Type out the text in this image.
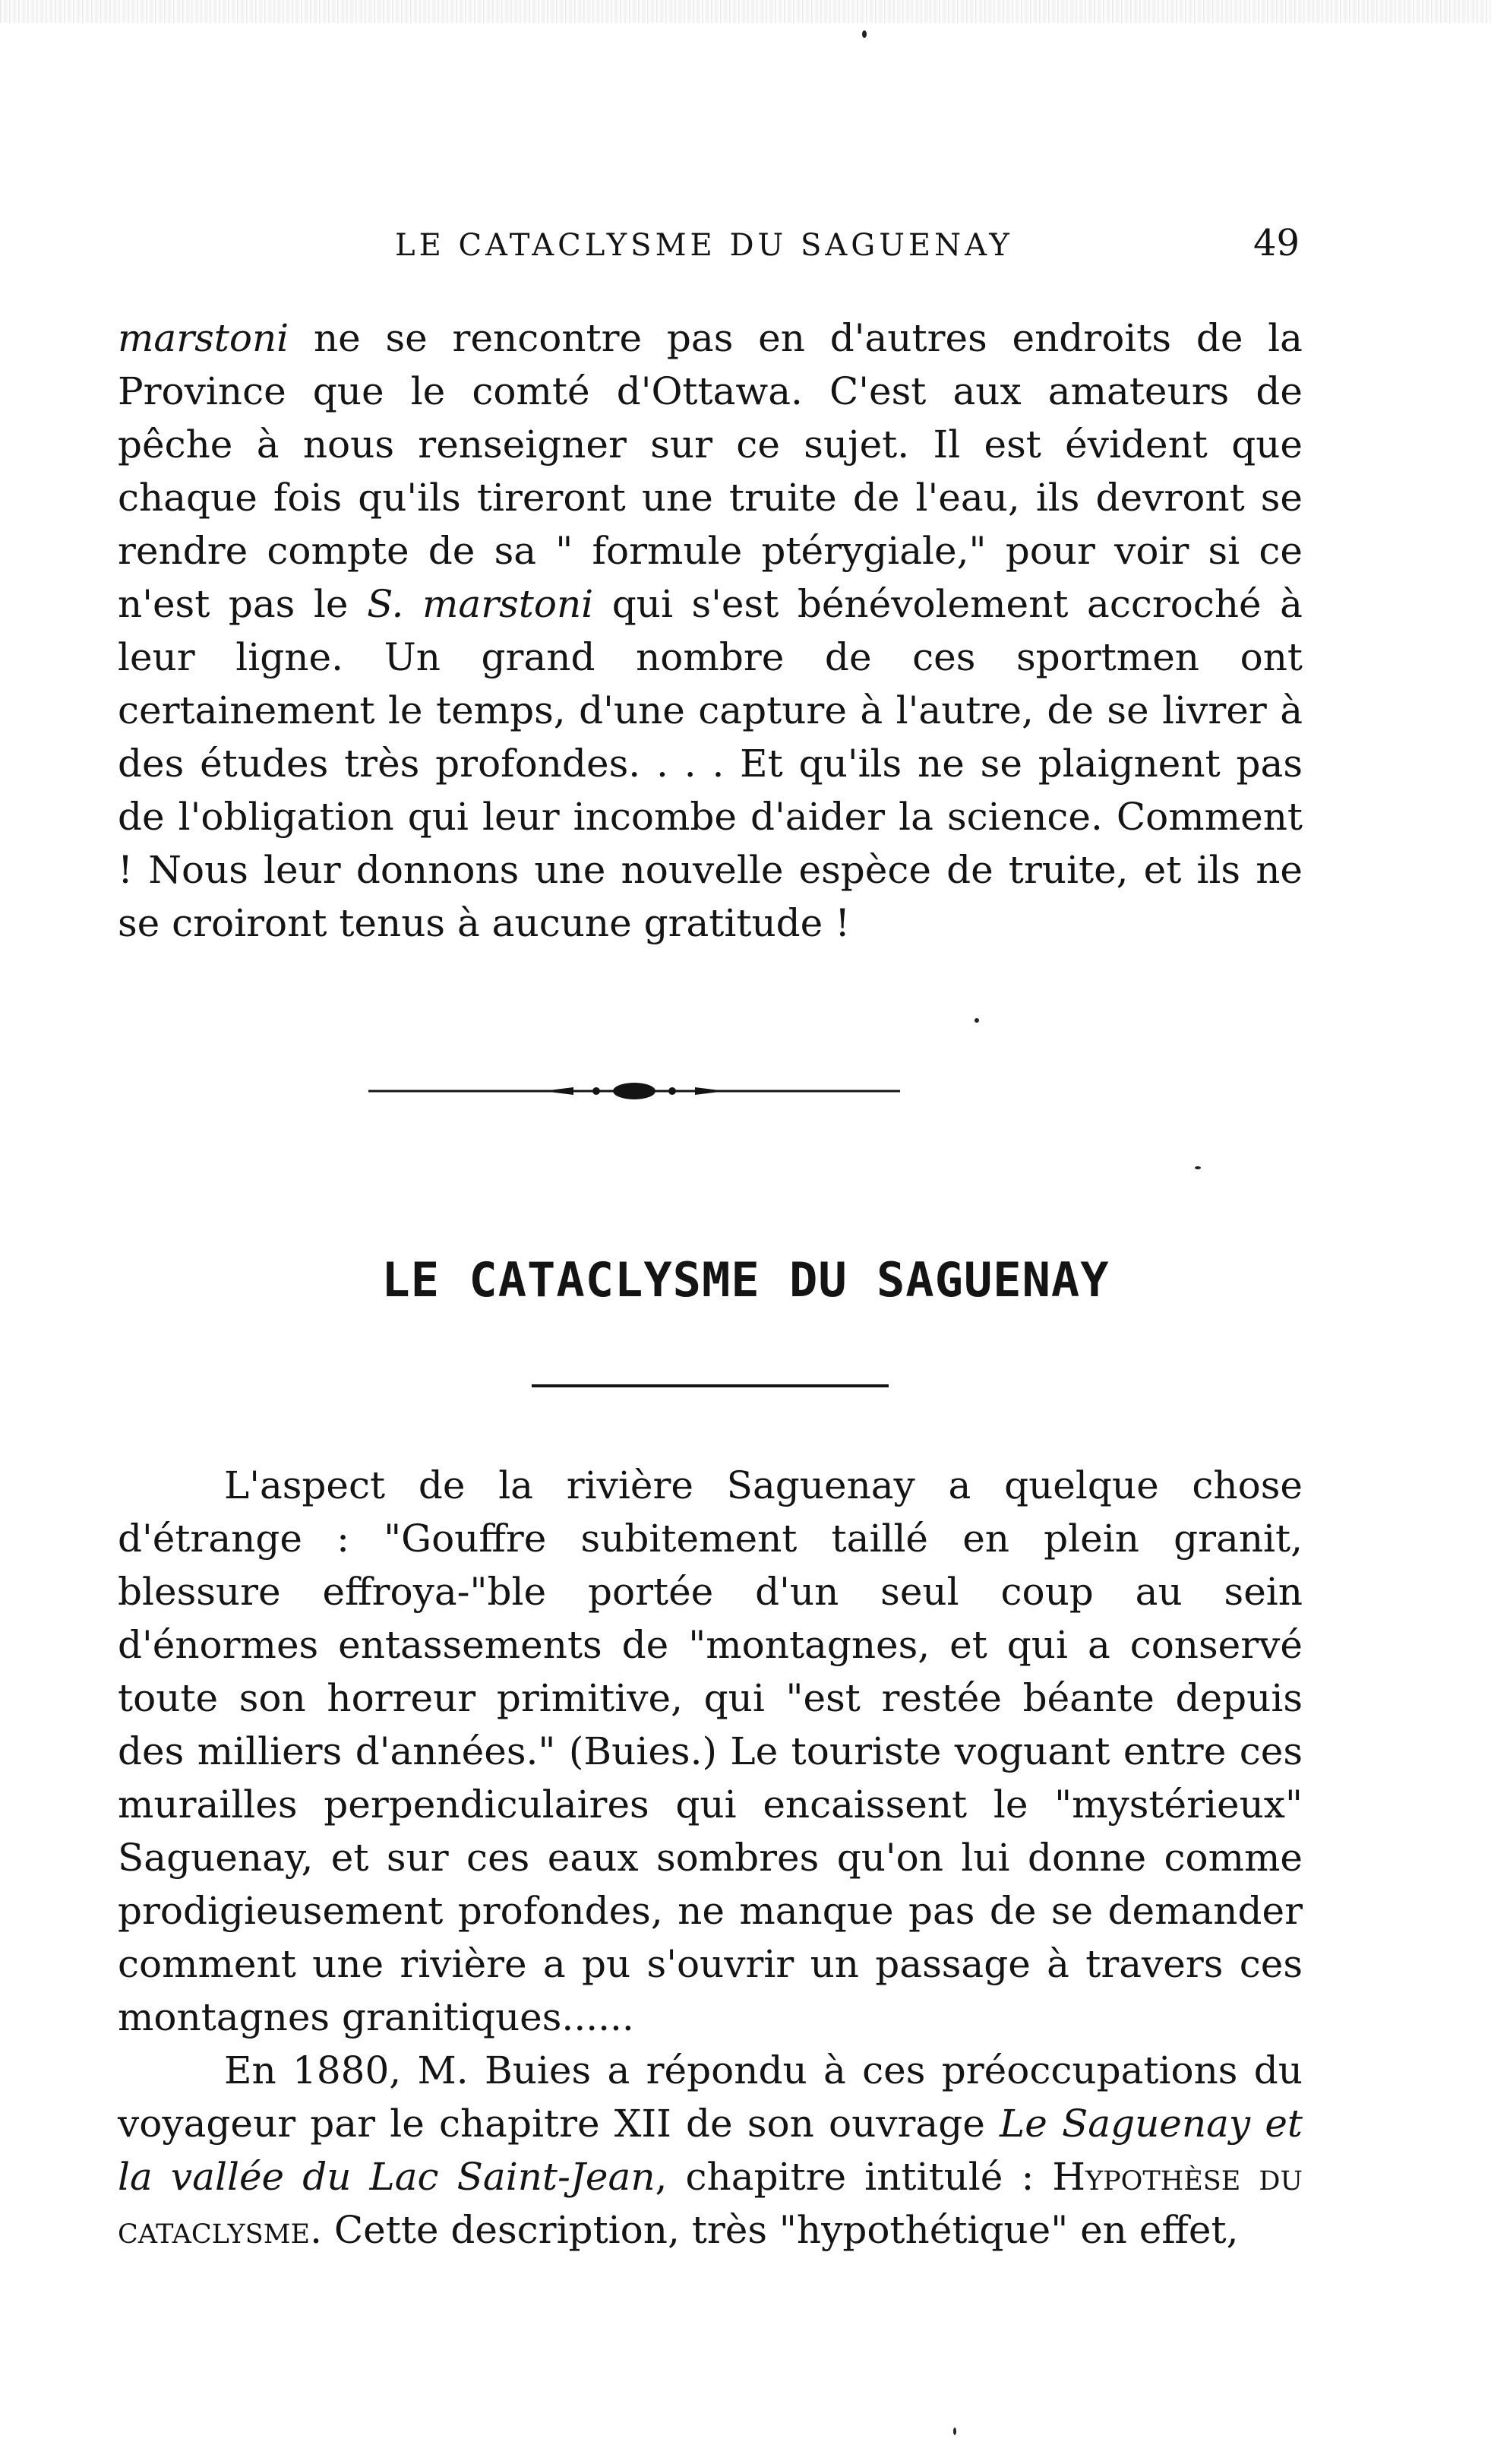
LE CATACLYSME DU SAGUENAY	49

marstoni ne se rencontre pas en d'autres endroits de la Province que le comté d'Ottawa. C'est aux amateurs de pêche à nous renseigner sur ce sujet. Il est évident que chaque fois qu'ils tireront une truite de l'eau, ils devront se rendre compte de sa " formule ptérygiale," pour voir si ce n'est pas le S. marstoni qui s'est bénévolement accroché à leur ligne. Un grand nombre de ces sportmen ont certainement le temps, d'une capture à l'autre, de se livrer à des études très profondes. . . . Et qu'ils ne se plaignent pas de l'obligation qui leur incombe d'aider la science. Comment ! Nous leur donnons une nouvelle espèce de truite, et ils ne se croiront tenus à aucune gratitude !

LE CATACLYSME DU SAGUENAY

L'aspect de la rivière Saguenay a quelque chose d'étrange : "Gouffre subitement taillé en plein granit, blessure effroya-"ble portée d'un seul coup au sein d'énormes entassements de "montagnes, et qui a conservé toute son horreur primitive, qui "est restée béante depuis des milliers d'années." (Buies.) Le touriste voguant entre ces murailles perpendiculaires qui encaissent le "mystérieux" Saguenay, et sur ces eaux sombres qu'on lui donne comme prodigieusement profondes, ne manque pas de se demander comment une rivière a pu s'ouvrir un passage à travers ces montagnes granitiques......

En 1880, M. Buies a répondu à ces préoccupations du voyageur par le chapitre XII de son ouvrage Le Saguenay et la vallée du Lac Saint-Jean, chapitre intitulé : Hypothèse du cataclysme. Cette description, très "hypothétique" en effet,
